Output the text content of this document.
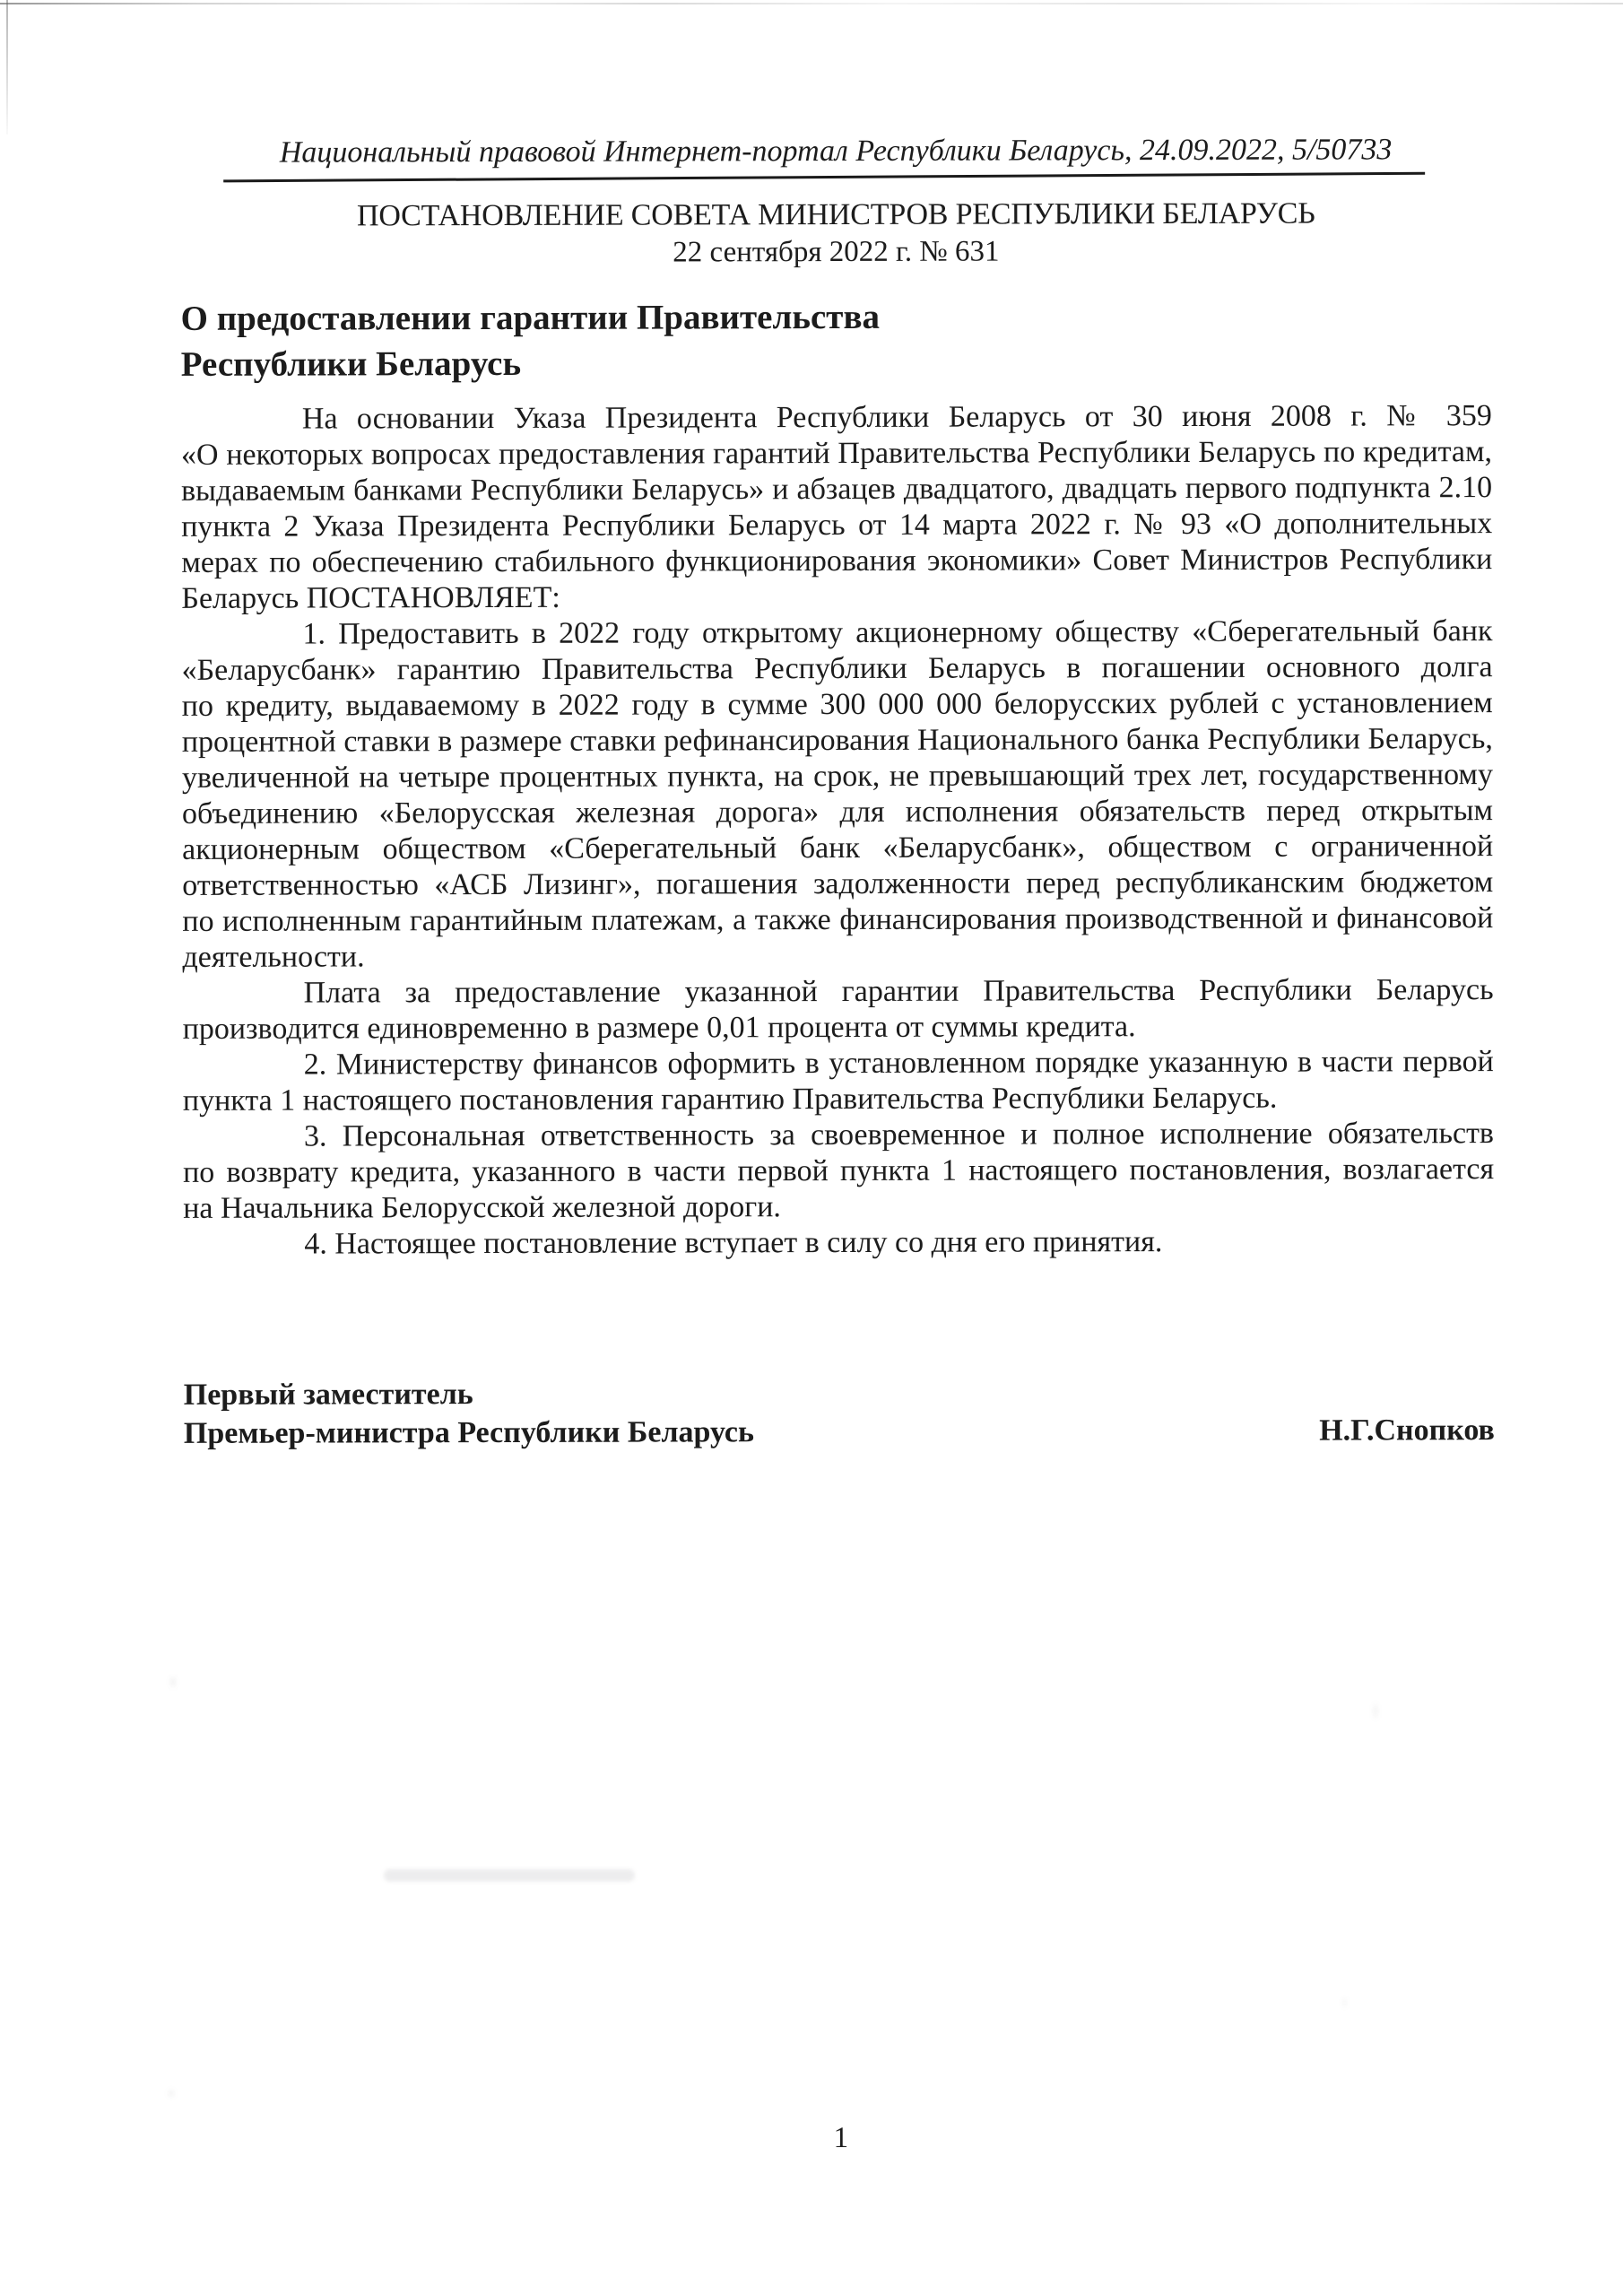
Национальный правовой Интернет-портал Республики Беларусь, 24.09.2022, 5/50733
ПОСТАНОВЛЕНИЕ СОВЕТА МИНИСТРОВ РЕСПУБЛИКИ БЕЛАРУСЬ
22 сентября 2022 г. № 631
О предоставлении гарантии Правительства
Республики Беларусь

На основании Указа Президента Республики Беларусь от 30 июня 2008 г. № 359 «О некоторых вопросах предоставления гарантий Правительства Республики Беларусь по кредитам, выдаваемым банками Республики Беларусь» и абзацев двадцатого, двадцать первого подпункта 2.10 пункта 2 Указа Президента Республики Беларусь от 14 марта 2022 г. № 93 «О дополнительных мерах по обеспечению стабильного функционирования экономики» Совет Министров Республики Беларусь ПОСТАНОВЛЯЕТ:

1. Предоставить в 2022 году открытому акционерному обществу «Сберегательный банк «Беларусбанк» гарантию Правительства Республики Беларусь в погашении основного долга по кредиту, выдаваемому в 2022 году в сумме 300 000 000 белорусских рублей с установлением процентной ставки в размере ставки рефинансирования Национального банка Республики Беларусь, увеличенной на четыре процентных пункта, на срок, не превышающий трех лет, государственному объединению «Белорусская железная дорога» для исполнения обязательств перед открытым акционерным обществом «Сберегательный банк «Беларусбанк», обществом с ограниченной ответственностью «АСБ Лизинг», погашения задолженности перед республиканским бюджетом по исполненным гарантийным платежам, а также финансирования производственной и финансовой деятельности.

Плата за предоставление указанной гарантии Правительства Республики Беларусь производится единовременно в размере 0,01 процента от суммы кредита.

2. Министерству финансов оформить в установленном порядке указанную в части первой пункта 1 настоящего постановления гарантию Правительства Республики Беларусь.

3. Персональная ответственность за своевременное и полное исполнение обязательств по возврату кредита, указанного в части первой пункта 1 настоящего постановления, возлагается на Начальника Белорусской железной дороги.

4. Настоящее постановление вступает в силу со дня его принятия.

Первый заместитель
Премьер-министра Республики Беларусь	Н.Г.Снопков
1
